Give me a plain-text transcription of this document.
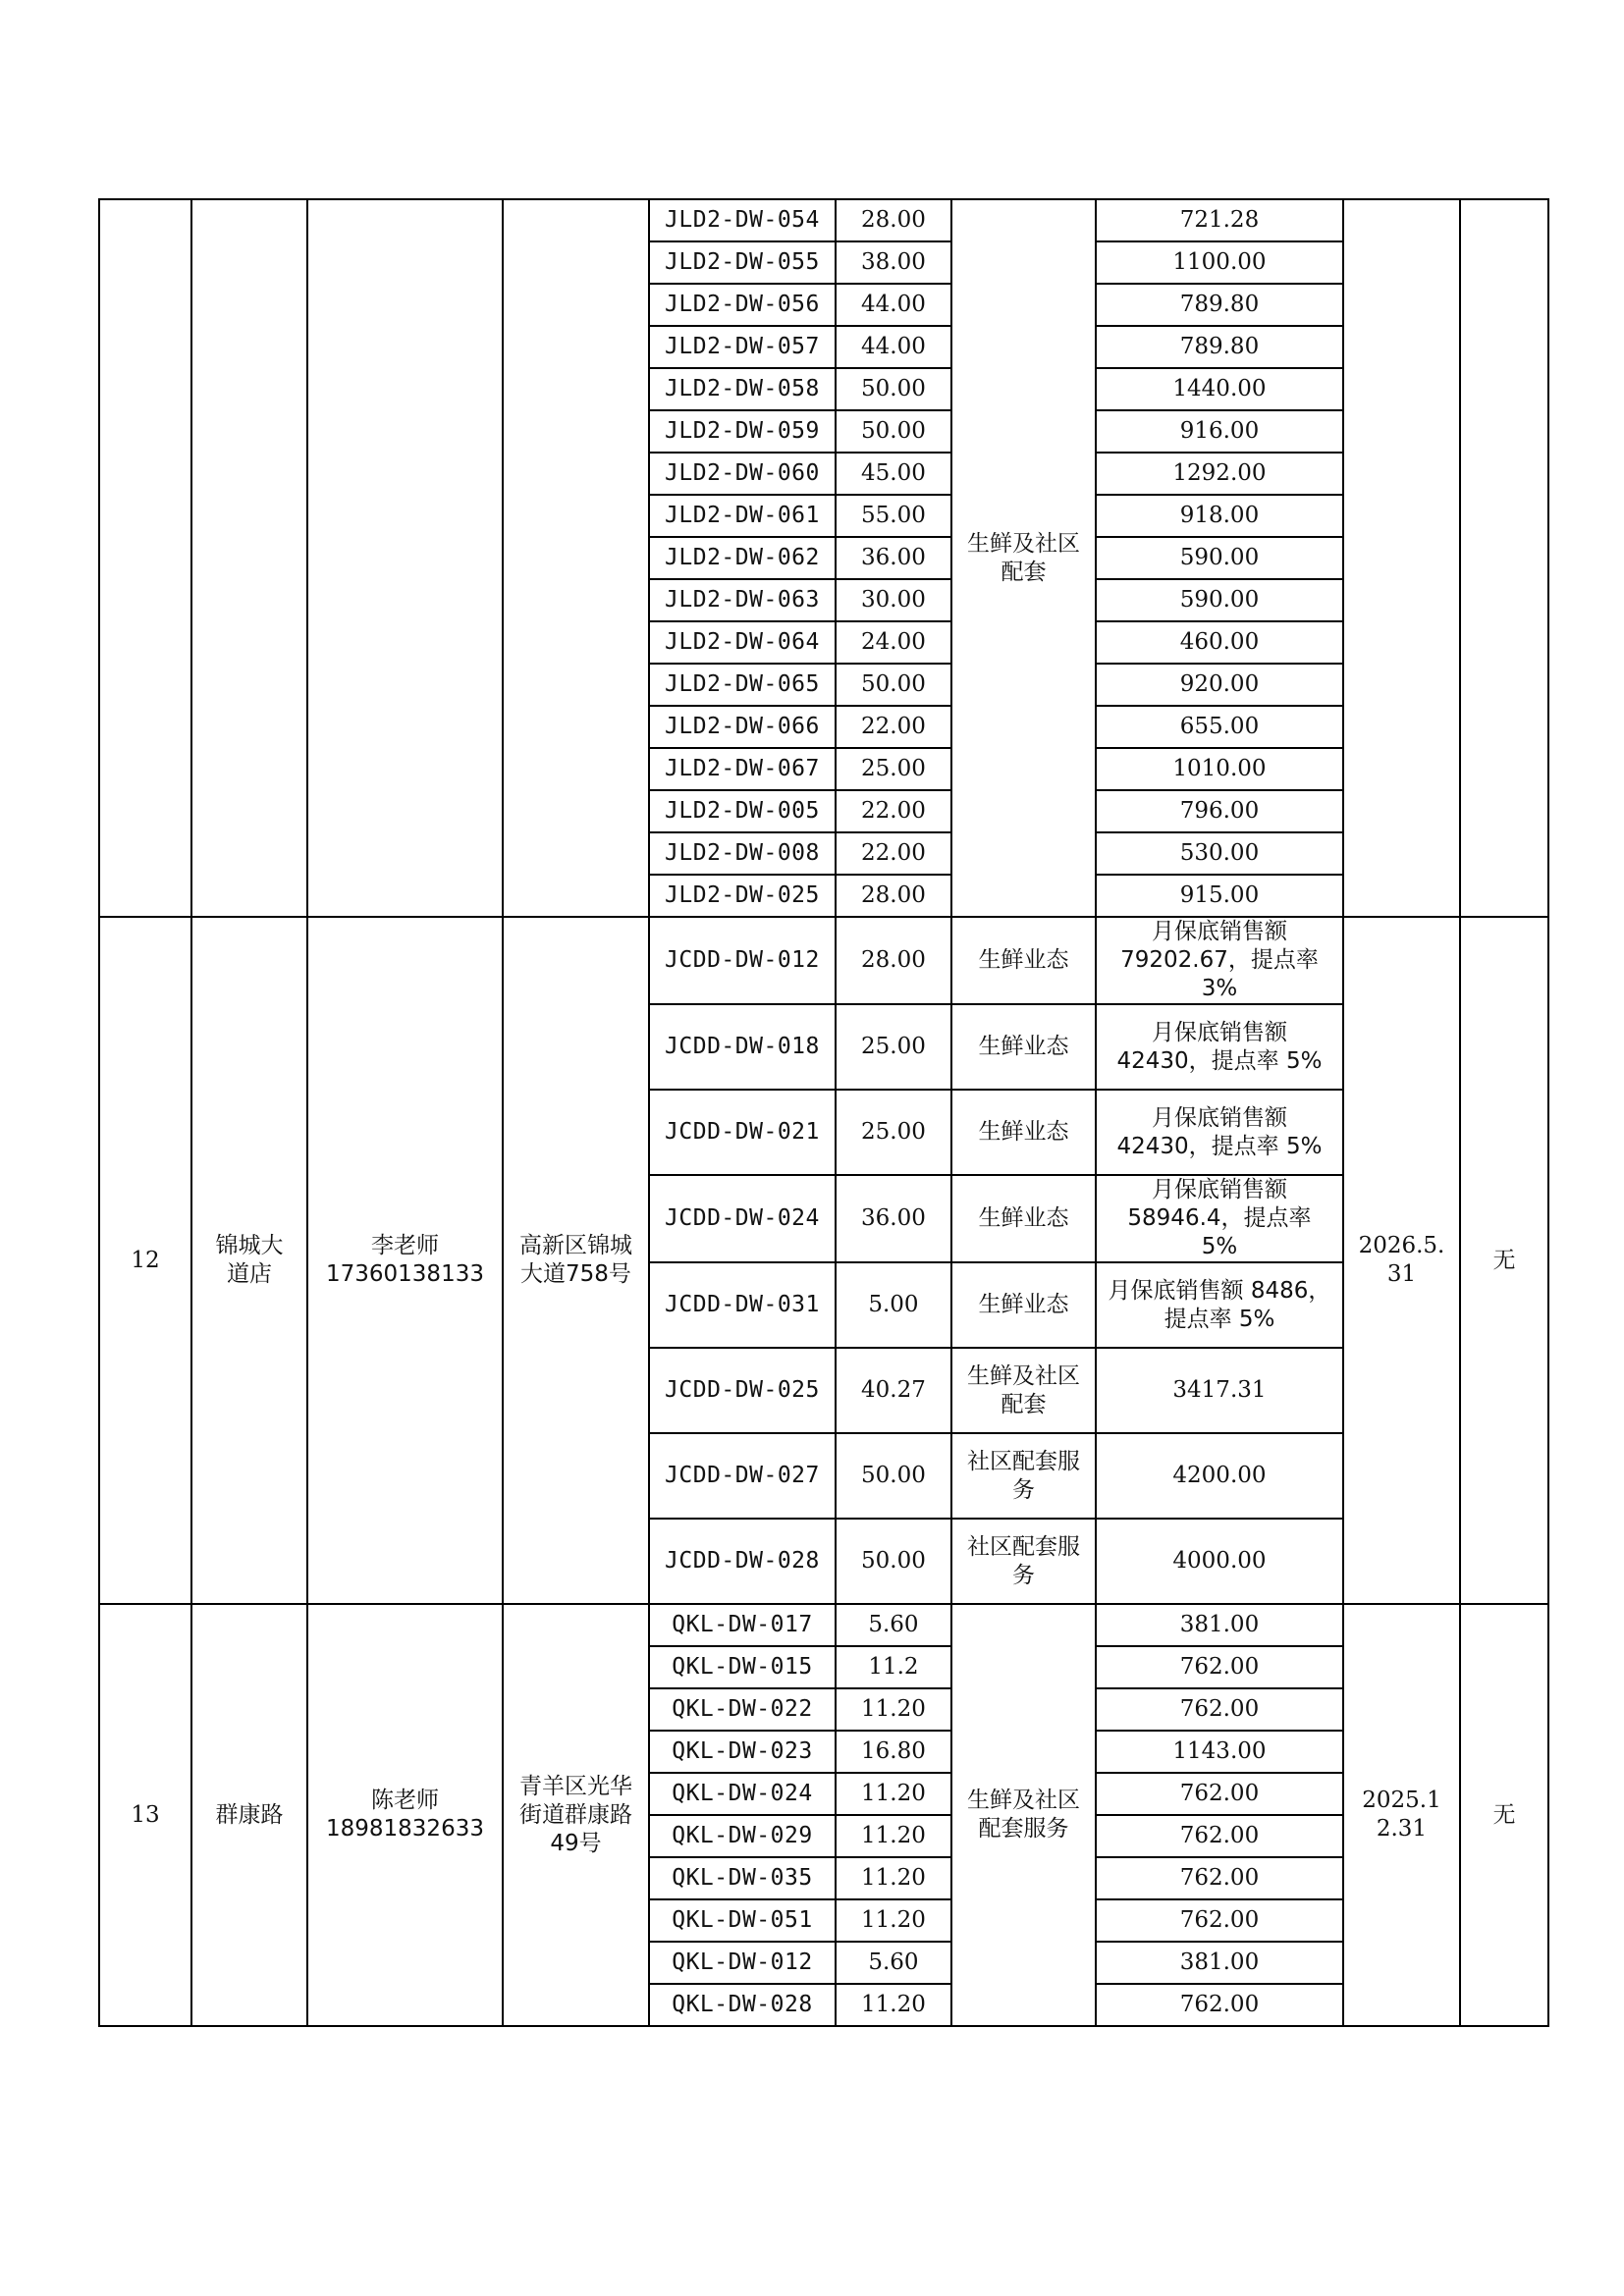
				JLD2-DW-054	28.00	生鲜及社区配套	721.28		
				JLD2-DW-055	38.00		1100.00		
				JLD2-DW-056	44.00		789.80		
				JLD2-DW-057	44.00		789.80		
				JLD2-DW-058	50.00		1440.00		
				JLD2-DW-059	50.00		916.00		
				JLD2-DW-060	45.00		1292.00		
				JLD2-DW-061	55.00		918.00		
				JLD2-DW-062	36.00		590.00		
				JLD2-DW-063	30.00		590.00		
				JLD2-DW-064	24.00		460.00		
				JLD2-DW-065	50.00		920.00		
				JLD2-DW-066	22.00		655.00		
				JLD2-DW-067	25.00		1010.00		
				JLD2-DW-005	22.00		796.00		
				JLD2-DW-008	22.00		530.00		
				JLD2-DW-025	28.00		915.00		
12	锦城大道店	李老师 17360138133	高新区锦城大道758号	JCDD-DW-012	28.00	生鲜业态	月保底销售额79202.67，提点率 3%	2026.5.31	无
				JCDD-DW-018	25.00	生鲜业态	月保底销售额 42430，提点率 5%		
				JCDD-DW-021	25.00	生鲜业态	月保底销售额 42430，提点率 5%		
				JCDD-DW-024	36.00	生鲜业态	月保底销售额58946.4，提点率 5%		
				JCDD-DW-031	5.00	生鲜业态	月保底销售额 8486，提点率 5%		
				JCDD-DW-025	40.27	生鲜及社区配套	3417.31		
				JCDD-DW-027	50.00	社区配套服务	4200.00		
				JCDD-DW-028	50.00	社区配套服务	4000.00		
13	群康路	陈老师 18981832633	青羊区光华街道群康路49号	QKL-DW-017	5.60	生鲜及社区配套服务	381.00	2025.12.31	无
				QKL-DW-015	11.2		762.00		
				QKL-DW-022	11.20		762.00		
				QKL-DW-023	16.80		1143.00		
				QKL-DW-024	11.20		762.00		
				QKL-DW-029	11.20		762.00		
				QKL-DW-035	11.20		762.00		
				QKL-DW-051	11.20		762.00		
				QKL-DW-012	5.60		381.00		
				QKL-DW-028	11.20		762.00		
